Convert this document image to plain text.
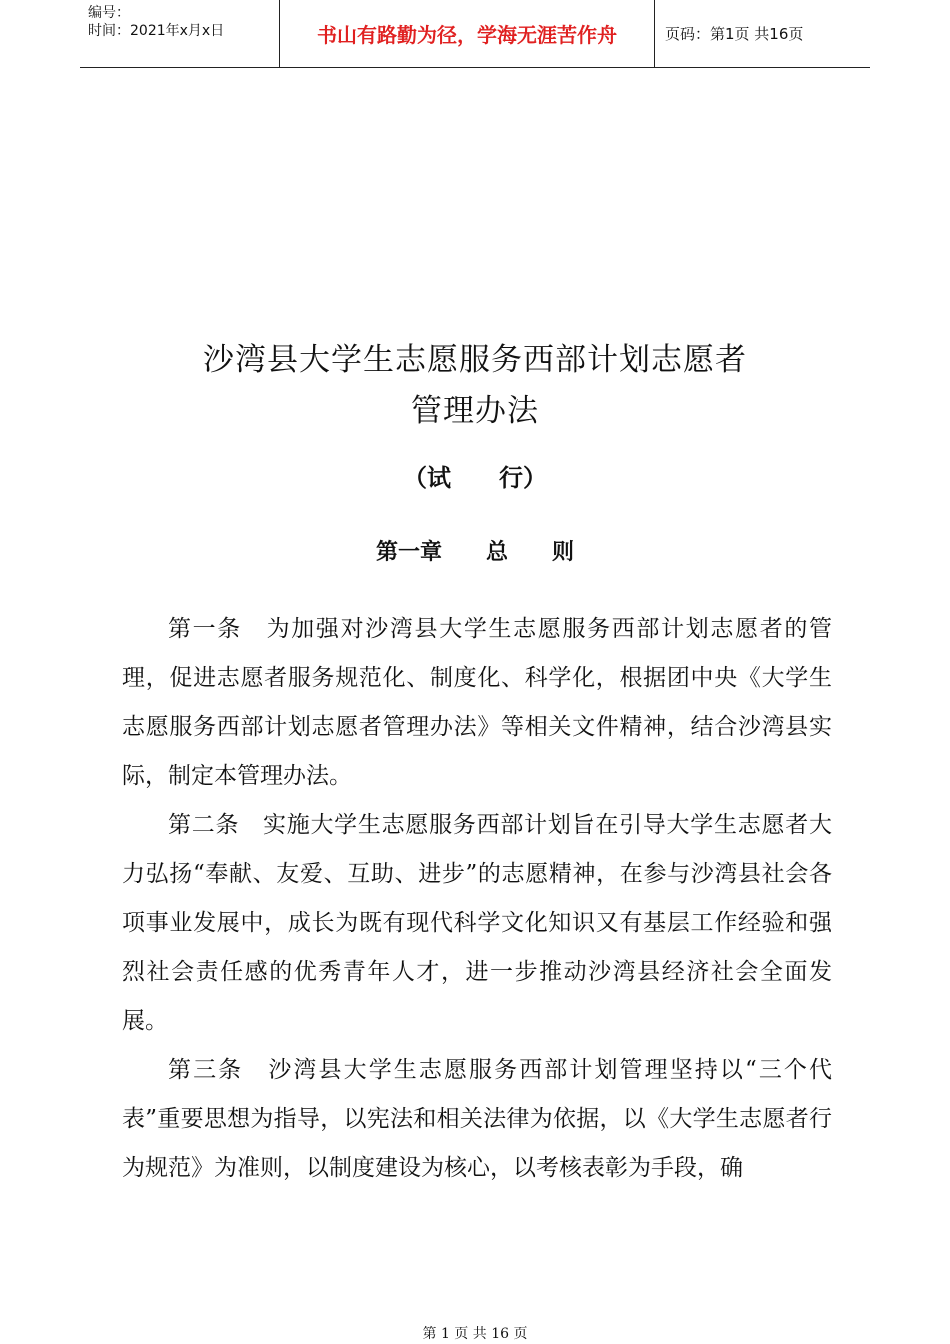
编号：
时间：2021年x月x日	书山有路勤为径，学海无涯苦作舟	页码：第1页 共16页
沙湾县大学生志愿服务西部计划志愿者
管理办法
（试　　行）
第一章　　总　　则

第一条　为加强对沙湾县大学生志愿服务西部计划志愿者的管理，促进志愿者服务规范化、制度化、科学化，根据团中央《大学生志愿服务西部计划志愿者管理办法》等相关文件精神，结合沙湾县实际，制定本管理办法。

第二条　实施大学生志愿服务西部计划旨在引导大学生志愿者大力弘扬“奉献、友爱、互助、进步”的志愿精神，在参与沙湾县社会各项事业发展中，成长为既有现代科学文化知识又有基层工作经验和强烈社会责任感的优秀青年人才，进一步推动沙湾县经济社会全面发展。

第三条　沙湾县大学生志愿服务西部计划管理坚持以“三个代表”重要思想为指导，以宪法和相关法律为依据，以《大学生志愿者行为规范》为准则，以制度建设为核心，以考核表彰为手段，确

第 1 页 共 16 页
